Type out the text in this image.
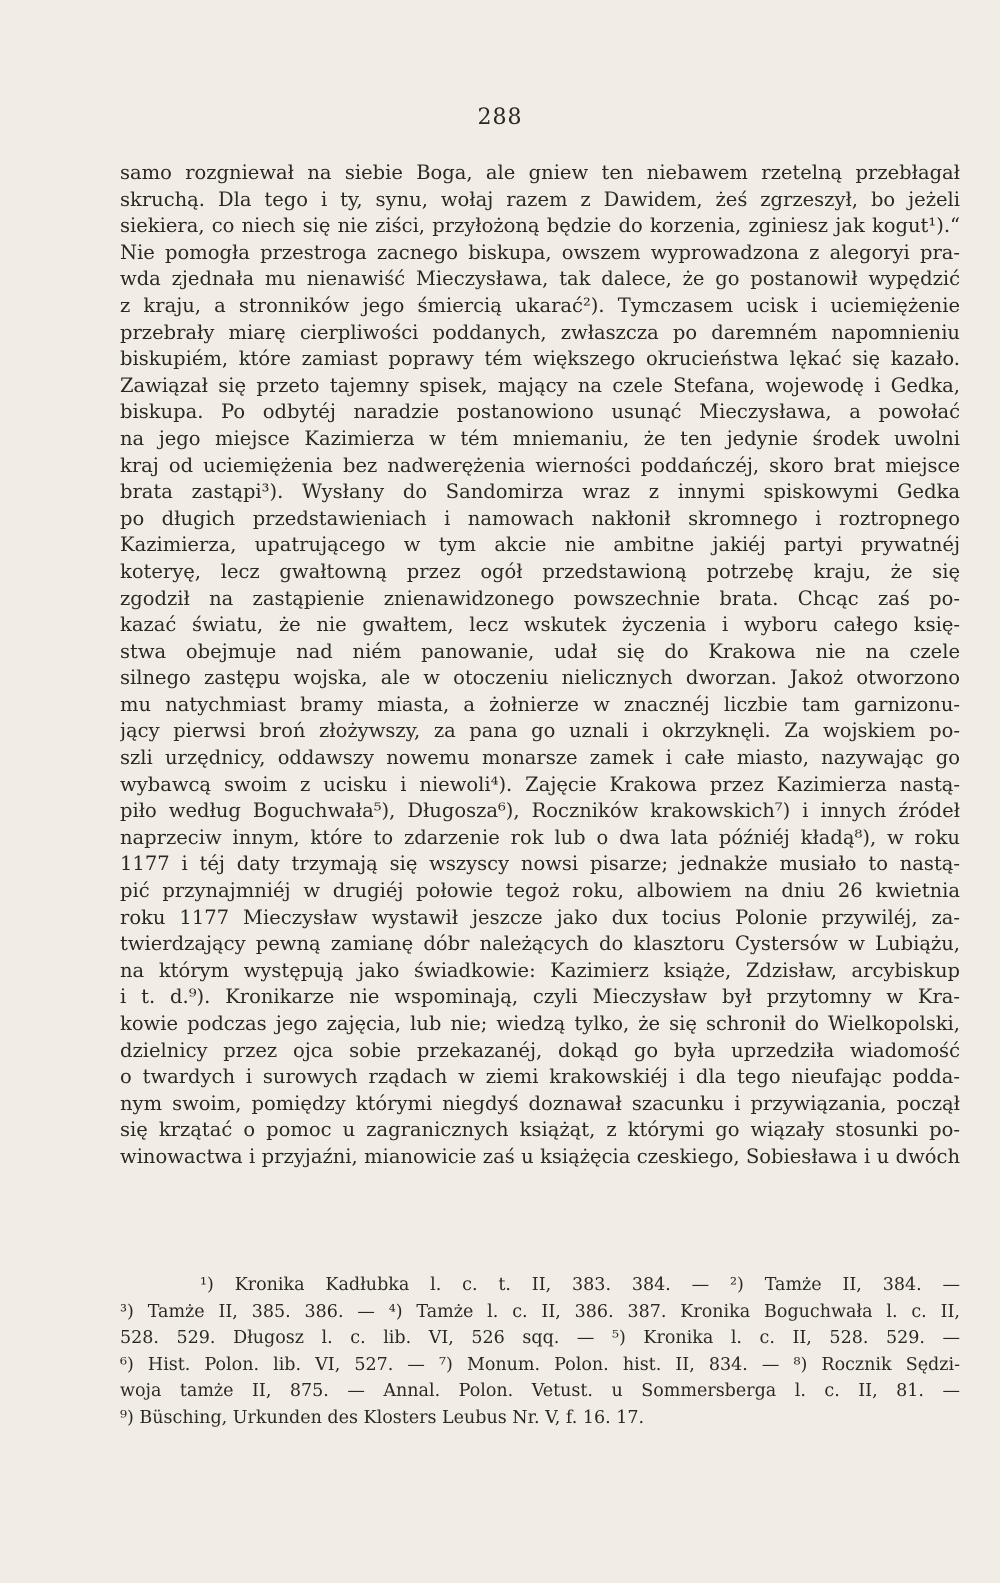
288
samo rozgniewał na siebie Boga, ale gniew ten niebawem rzetelną przebłagał
skruchą. Dla tego i ty, synu, wołaj razem z Dawidem, żeś zgrzeszył, bo jeżeli
siekiera, co niech się nie ziści, przyłożoną będzie do korzenia, zginiesz jak kogut¹).“
Nie pomogła przestroga zacnego biskupa, owszem wyprowadzona z alegoryi pra-
wda zjednała mu nienawiść Mieczysława, tak dalece, że go postanowił wypędzić
z kraju, a stronników jego śmiercią ukarać²). Tymczasem ucisk i uciemiężenie
przebrały miarę cierpliwości poddanych, zwłaszcza po daremném napomnieniu
biskupiém, które zamiast poprawy tém większego okrucieństwa lękać się kazało.
Zawiązał się przeto tajemny spisek, mający na czele Stefana, wojewodę i Gedka,
biskupa. Po odbytéj naradzie postanowiono usunąć Mieczysława, a powołać
na jego miejsce Kazimierza w tém mniemaniu, że ten jedynie środek uwolni
kraj od uciemiężenia bez nadwerężenia wierności poddańczéj, skoro brat miejsce
brata zastąpi³). Wysłany do Sandomirza wraz z innymi spiskowymi Gedka
po długich przedstawieniach i namowach nakłonił skromnego i roztropnego
Kazimierza, upatrującego w tym akcie nie ambitne jakiéj partyi prywatnéj
koteryę, lecz gwałtowną przez ogół przedstawioną potrzebę kraju, że się
zgodził na zastąpienie znienawidzonego powszechnie brata. Chcąc zaś po-
kazać światu, że nie gwałtem, lecz wskutek życzenia i wyboru całego księ-
stwa obejmuje nad niém panowanie, udał się do Krakowa nie na czele
silnego zastępu wojska, ale w otoczeniu nielicznych dworzan. Jakoż otworzono
mu natychmiast bramy miasta, a żołnierze w znacznéj liczbie tam garnizonu-
jący pierwsi broń złożywszy, za pana go uznali i okrzyknęli. Za wojskiem po-
szli urzędnicy, oddawszy nowemu monarsze zamek i całe miasto, nazywając go
wybawcą swoim z ucisku i niewoli⁴). Zajęcie Krakowa przez Kazimierza nastą-
piło według Boguchwała⁵), Długosza⁶), Roczników krakowskich⁷) i innych źródeł
naprzeciw innym, które to zdarzenie rok lub o dwa lata późniéj kładą⁸), w roku
1177 i téj daty trzymają się wszyscy nowsi pisarze; jednakże musiało to nastą-
pić przynajmniéj w drugiéj połowie tegoż roku, albowiem na dniu 26 kwietnia
roku 1177 Mieczysław wystawił jeszcze jako dux tocius Polonie przywiléj, za-
twierdzający pewną zamianę dóbr należących do klasztoru Cystersów w Lubiążu,
na którym występują jako świadkowie: Kazimierz książe, Zdzisław, arcybiskup
i t. d.⁹). Kronikarze nie wspominają, czyli Mieczysław był przytomny w Kra-
kowie podczas jego zajęcia, lub nie; wiedzą tylko, że się schronił do Wielkopolski,
dzielnicy przez ojca sobie przekazanéj, dokąd go była uprzedziła wiadomość
o twardych i surowych rządach w ziemi krakowskiéj i dla tego nieufając podda-
nym swoim, pomiędzy którymi niegdyś doznawał szacunku i przywiązania, począł
się krzątać o pomoc u zagranicznych książąt, z którymi go wiązały stosunki po-
winowactwa i przyjaźni, mianowicie zaś u książęcia czeskiego, Sobiesława i u dwóch
¹) Kronika Kadłubka l. c. t. II, 383. 384. — ²) Tamże II, 384. —
³) Tamże II, 385. 386. — ⁴) Tamże l. c. II, 386. 387. Kronika Boguchwała l. c. II,
528. 529. Długosz l. c. lib. VI, 526 sqq. — ⁵) Kronika l. c. II, 528. 529. —
⁶) Hist. Polon. lib. VI, 527. — ⁷) Monum. Polon. hist. II, 834. — ⁸) Rocznik Sędzi-
woja tamże II, 875. — Annal. Polon. Vetust. u Sommersberga l. c. II, 81. —
⁹) Büsching, Urkunden des Klosters Leubus Nr. V, f. 16. 17.
